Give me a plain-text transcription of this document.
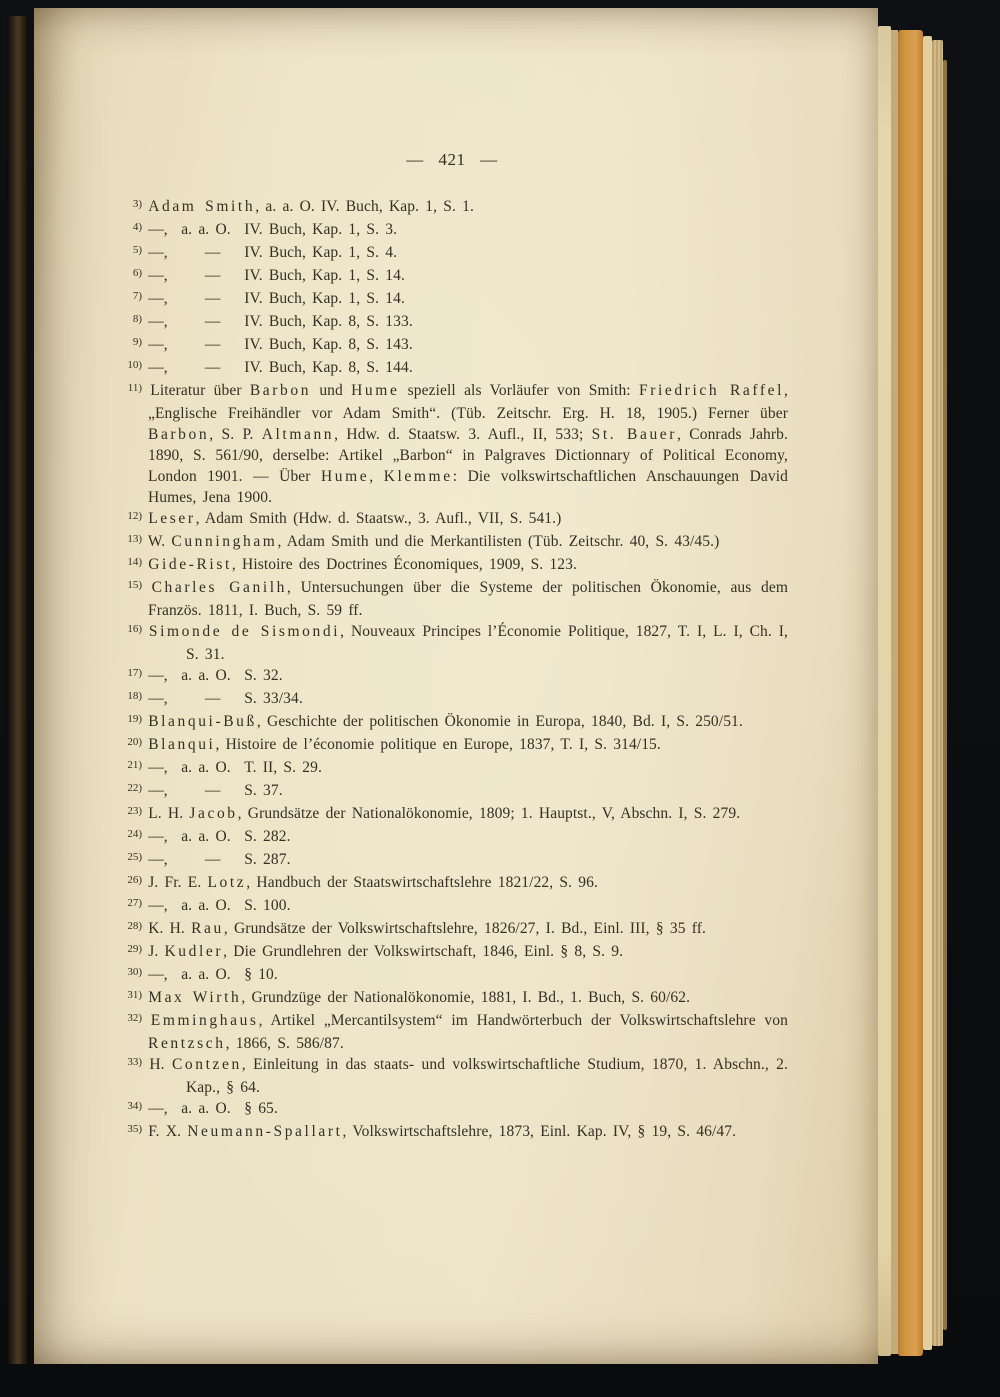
— 421 —
3) Adam Smith, a. a. O. IV. Buch, Kap. 1, S. 1.
4) —, a. a. O. IV. Buch, Kap. 1, S. 3.
5) —, — IV. Buch, Kap. 1, S. 4.
6) —, — IV. Buch, Kap. 1, S. 14.
7) —, — IV. Buch, Kap. 1, S. 14.
8) —, — IV. Buch, Kap. 8, S. 133.
9) —, — IV. Buch, Kap. 8, S. 143.
10) —, — IV. Buch, Kap. 8, S. 144.
11) Literatur über Barbon und Hume speziell als Vorläufer von Smith: Friedrich Raffel, „Englische Freihändler vor Adam Smith“. (Tüb. Zeitschr. Erg. H. 18, 1905.) Ferner über Barbon, S. P. Altmann, Hdw. d. Staatsw. 3. Aufl., II, 533; St. Bauer, Conrads Jahrb. 1890, S. 561/90, derselbe: Artikel „Barbon“ in Palgraves Dictionnary of Political Economy, London 1901. — Über Hume, Klemme: Die volkswirtschaftlichen Anschauungen David Humes, Jena 1900.
12) Leser, Adam Smith (Hdw. d. Staatsw., 3. Aufl., VII, S. 541.)
13) W. Cunningham, Adam Smith und die Merkantilisten (Tüb. Zeitschr. 40, S. 43/45.)
14) Gide-Rist, Histoire des Doctrines Économiques, 1909, S. 123.
15) Charles Ganilh, Untersuchungen über die Systeme der politischen Ökonomie, aus dem Französ. 1811, I. Buch, S. 59 ff.
16) Simonde de Sismondi, Nouveaux Principes l’Économie Politique, 1827, T. I, L. I, Ch. I, S. 31.
17) —, a. a. O. S. 32.
18) —, — S. 33/34.
19) Blanqui-Buß, Geschichte der politischen Ökonomie in Europa, 1840, Bd. I, S. 250/51.
20) Blanqui, Histoire de l’économie politique en Europe, 1837, T. I, S. 314/15.
21) —, a. a. O. T. II, S. 29.
22) —, — S. 37.
23) L. H. Jacob, Grundsätze der Nationalökonomie, 1809; 1. Hauptst., V, Abschn. I, S. 279.
24) —, a. a. O. S. 282.
25) —, — S. 287.
26) J. Fr. E. Lotz, Handbuch der Staatswirtschaftslehre 1821/22, S. 96.
27) —, a. a. O. S. 100.
28) K. H. Rau, Grundsätze der Volkswirtschaftslehre, 1826/27, I. Bd., Einl. III, § 35 ff.
29) J. Kudler, Die Grundlehren der Volkswirtschaft, 1846, Einl. § 8, S. 9.
30) —, a. a. O. § 10.
31) Max Wirth, Grundzüge der Nationalökonomie, 1881, I. Bd., 1. Buch, S. 60/62.
32) Emminghaus, Artikel „Mercantilsystem“ im Handwörterbuch der Volkswirtschaftslehre von Rentzsch, 1866, S. 586/87.
33) H. Contzen, Einleitung in das staats- und volkswirtschaftliche Studium, 1870, 1. Abschn., 2. Kap., § 64.
34) —, a. a. O. § 65.
35) F. X. Neumann-Spallart, Volkswirtschaftslehre, 1873, Einl. Kap. IV, § 19, S. 46/47.
